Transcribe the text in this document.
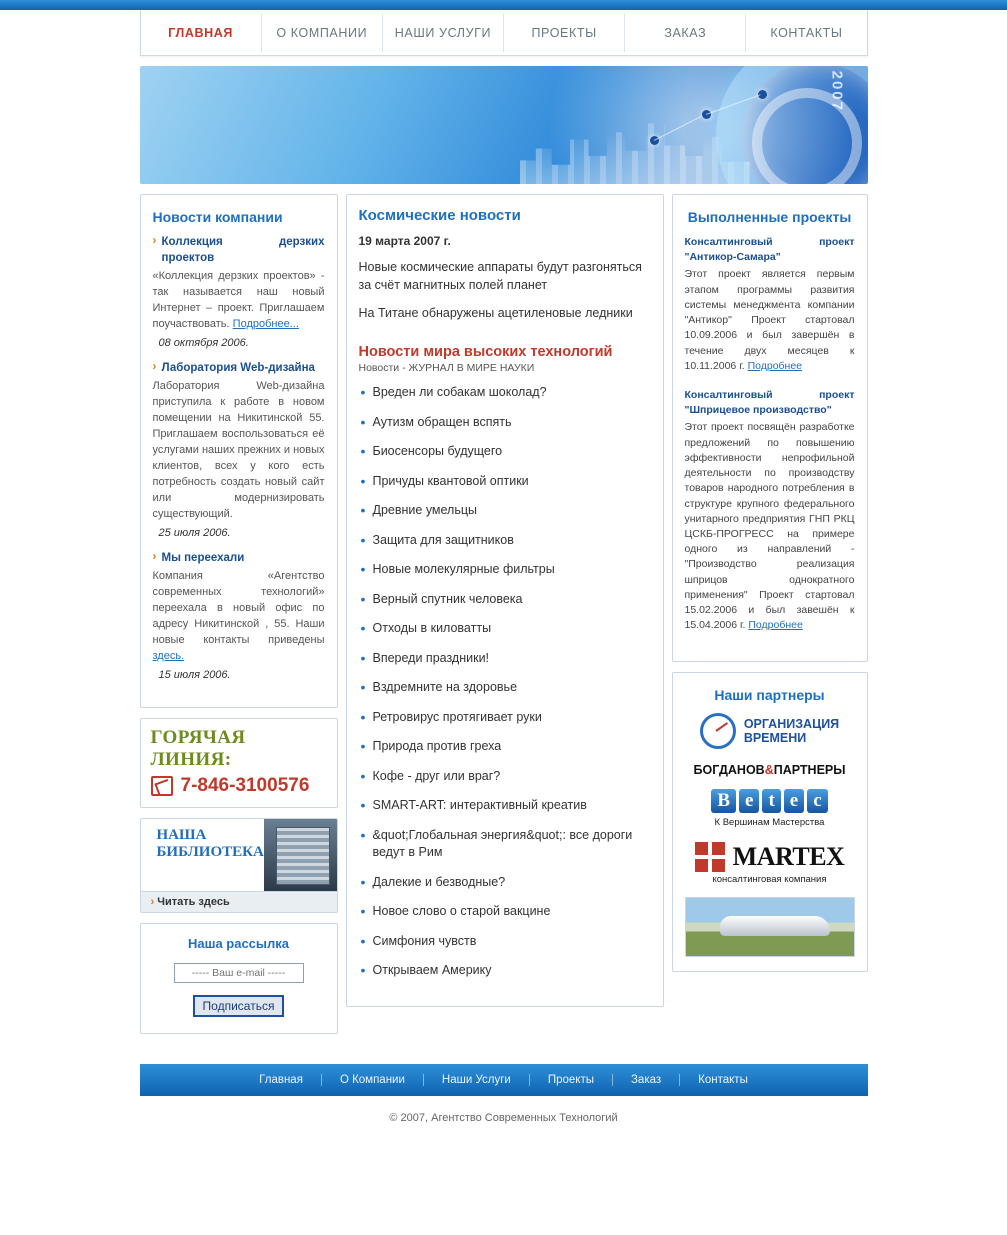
ГЛАВНАЯ	О КОМПАНИИ	НАШИ УСЛУГИ	ПРОЕКТЫ	ЗАКАЗ	КОНТАКТЫ
2007
Новости компании
› Коллекция дерзких проектов
«Коллекция дерзких проектов» - так называется наш новый Интернет – проект. Приглашаем поучаствовать. Подробнее...
08 октября 2006.
› Лаборатория Web-дизайна
Лаборатория Web-дизайна приступила к работе в новом помещении на Никитинской 55. Приглашаем воспользоваться её услугами наших прежних и новых клиентов, всех у кого есть потребность создать новый сайт или модернизировать существующий.
25 июля 2006.
› Мы переехали
Компания «Агентство современных технологий» переехала в новый офис по адресу Никитинской , 55. Наши новые контакты приведены здесь.
15 июля 2006.
ГОРЯЧАЯ ЛИНИЯ:
7-846-3100576
НАША
БИБЛИОТЕКА
› Читать здесь
Наша рассылка
----- Ваш e-mail -----
Подписаться
Космические новости
19 марта 2007 г.
Новые космические аппараты будут разгоняться за счёт магнитных полей планет
На Титане обнаружены ацетиленовые ледники
Новости мира высоких технологий
Новости - ЖУРНАЛ В МИРЕ НАУКИ
• Вреден ли собакам шоколад?
• Аутизм обращен вспять
• Биосенсоры будущего
• Причуды квантовой оптики
• Древние умельцы
• Защита для защитников
• Новые молекулярные фильтры
• Верный спутник человека
• Отходы в киловатты
• Впереди праздники!
• Вздремните на здоровье
• Ретровирус протягивает руки
• Природа против греха
• Кофе - друг или враг?
• SMART-ART: интерактивный креатив
• &quot;Глобальная энергия&quot;: все дороги ведут в Рим
• Далекие и безводные?
• Новое слово о старой вакцине
• Симфония чувств
• Открываем Америку
Выполненные проекты
Консалтинговый проект "Антикор-Самара"
Этот проект является первым этапом программы развития системы менеджмента компании "Антикор" Проект стартовал 10.09.2006 и был завершён в течение двух месяцев к 10.11.2006 г. Подробнее
Консалтинговый проект "Шприцевое производство"
Этот проект посвящён разработке предложений по повышению эффективности непрофильной деятельности по производству товаров народного потребления в структуре крупного федерального унитарного предприятия ГНП РКЦ ЦСКБ-ПРОГРЕСС на примере одного из направлений - "Производство реализация шприцов однократного применения" Проект стартовал 15.02.2006 и был завешён к 15.04.2006 г. Подробнее
Наши партнеры
ОРГАНИЗАЦИЯ
ВРЕМЕНИ
БОГДАНОВ&ПАРТНЕРЫ
B e t e c
К Вершинам Мастерства
MARTEX
консалтинговая компания
Главная	О Компании	Наши Услуги	Проекты	Заказ	Контакты
© 2007, Агентство Современных Технологий
